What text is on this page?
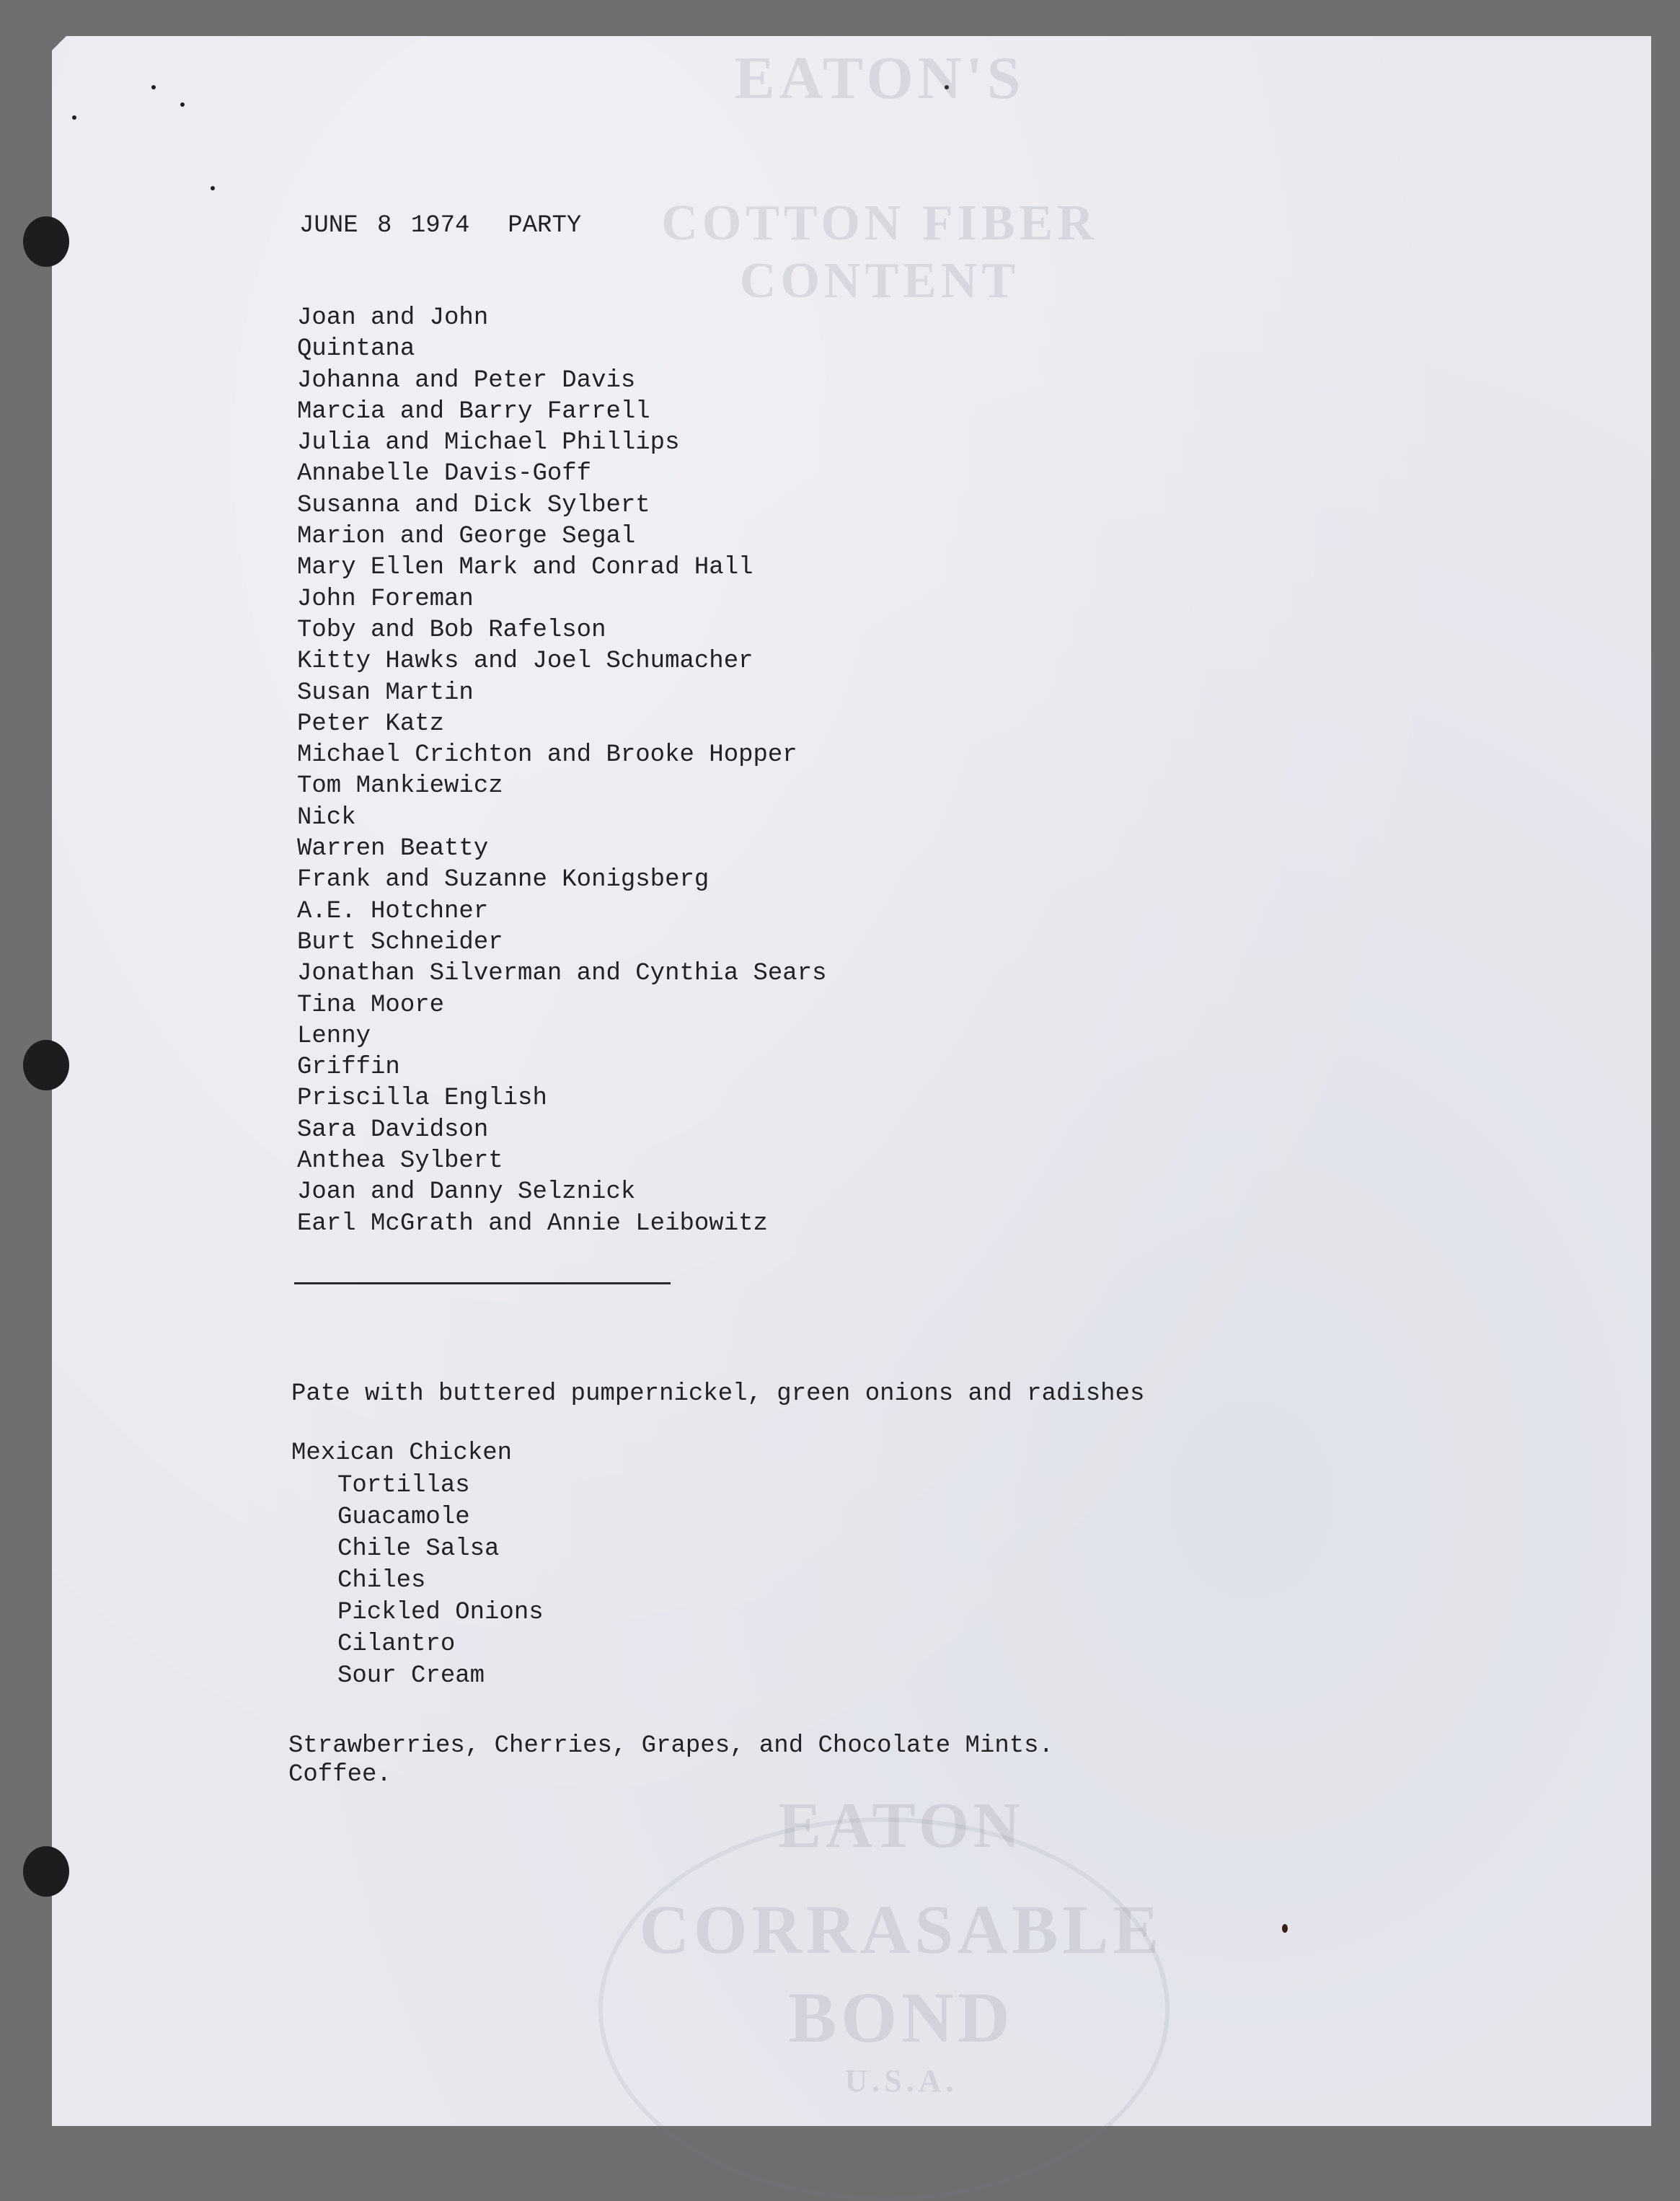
EATON'S
COTTON FIBER CONTENT
EATON
CORRASABLE
BOND
U.S.A.
JUNE 8 1974  PARTY
Joan and John
Quintana
Johanna and Peter Davis
Marcia and Barry Farrell
Julia and Michael Phillips
Annabelle Davis-Goff
Susanna and Dick Sylbert
Marion and George Segal
Mary Ellen Mark and Conrad Hall
John Foreman
Toby and Bob Rafelson
Kitty Hawks and Joel Schumacher
Susan Martin
Peter Katz
Michael Crichton and Brooke Hopper
Tom Mankiewicz
Nick
Warren Beatty
Frank and Suzanne Konigsberg
A.E. Hotchner
Burt Schneider
Jonathan Silverman and Cynthia Sears
Tina Moore
Lenny
Griffin
Priscilla English
Sara Davidson
Anthea Sylbert
Joan and Danny Selznick
Earl McGrath and Annie Leibowitz
Pate with buttered pumpernickel, green onions and radishes
Mexican Chicken
Tortillas
Guacamole
Chile Salsa
Chiles
Pickled Onions
Cilantro
Sour Cream
Strawberries, Cherries, Grapes, and Chocolate Mints.
Coffee.
